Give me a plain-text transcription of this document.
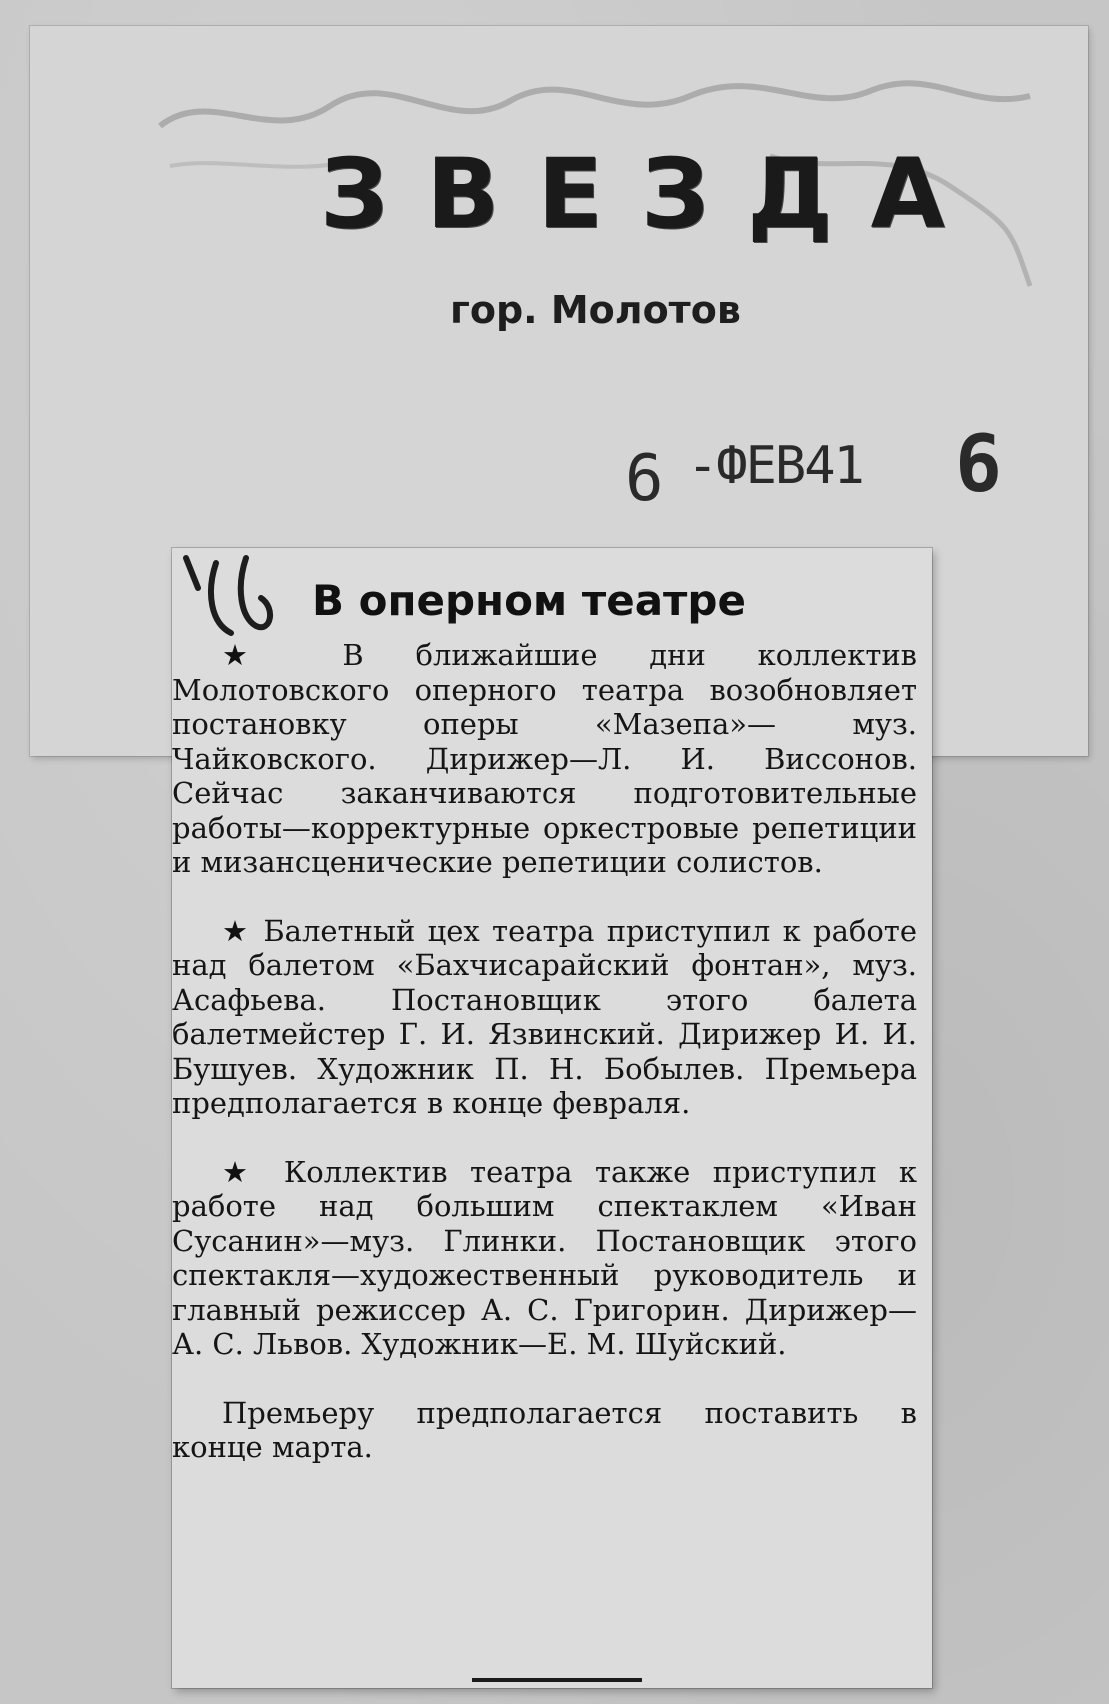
ЗВЕЗДА
гор. Молотов
6 -ФЕВ41 6
В оперном театре

★ В ближайшие дни коллектив Молотовского оперного театра возобновляет постановку оперы «Мазепа»— муз. Чайковского. Дирижер—Л. И. Виссонов. Сейчас заканчиваются подготовительные работы—корректурные оркестровые репетиции и мизансценические репетиции солистов.

★ Балетный цех театра приступил к работе над балетом «Бахчисарайский фонтан», муз. Асафьева. Постановщик этого балета балетмейстер Г. И. Язвинский. Дирижер И. И. Бушуев. Художник П. Н. Бобылев. Премьера предполагается в конце февраля.

★ Коллектив театра также приступил к работе над большим спектаклем «Иван Сусанин»—муз. Глинки. Постановщик этого спектакля—художественный руководитель и главный режиссер А. С. Григорин. Дирижер— А. С. Львов. Художник—Е. М. Шуйский.

Премьеру предполагается поставить в конце марта.
